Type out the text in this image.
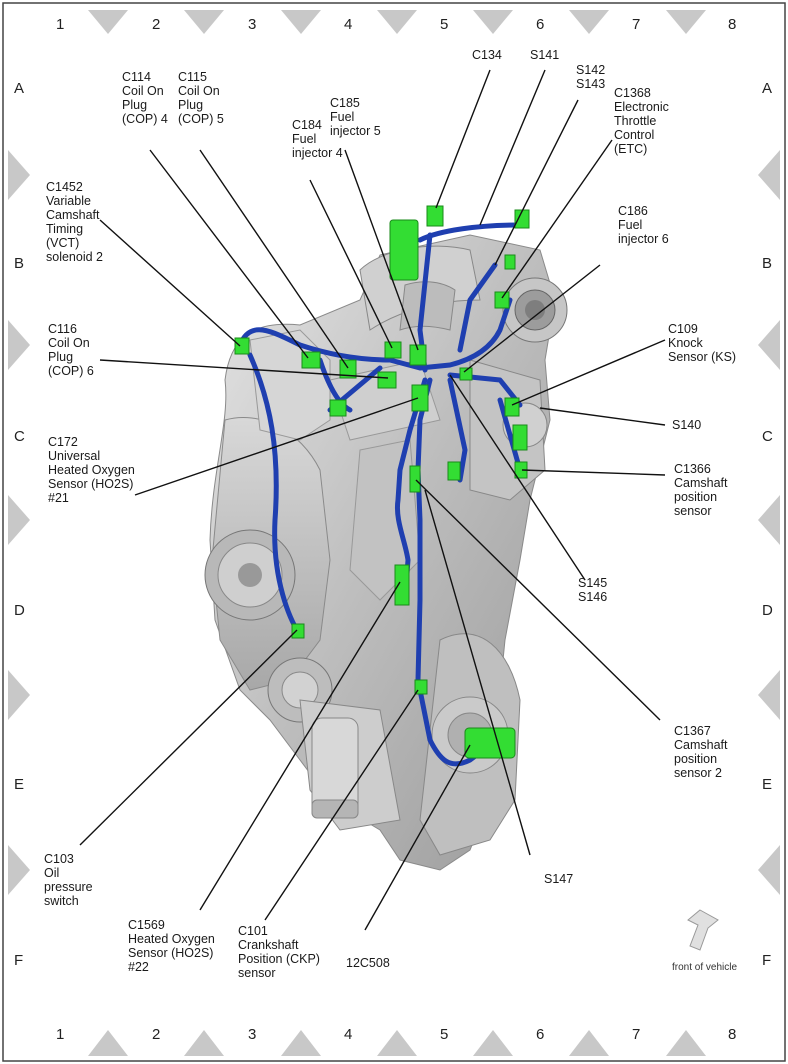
1	2	3	4	5	6	7	8
1	2	3	4	5	6	7	8
A
B
C
D
E
F
A
B
C
D
E
F
C134 S141
S142
S143
C1368
Electronic
Throttle
Control
(ETC)
C114
Coil On
Plug
(COP) 4
C115
Coil On
Plug
(COP) 5
C185
Fuel
injector 5
C184
Fuel
injector 4
C1452
Variable
Camshaft
Timing
(VCT)
solenoid 2
C186
Fuel
injector 6
C116
Coil On
Plug
(COP) 6
C109
Knock
Sensor (KS)
S140
C172
Universal
Heated Oxygen
Sensor (HO2S)
#21
C1366
Camshaft
position
sensor
S145
S146
C1367
Camshaft
position
sensor 2
C103
Oil
pressure
switch
S147
C1569
Heated Oxygen
Sensor (HO2S)
#22
C101
Crankshaft
Position (CKP)
sensor
12C508	front of vehicle
